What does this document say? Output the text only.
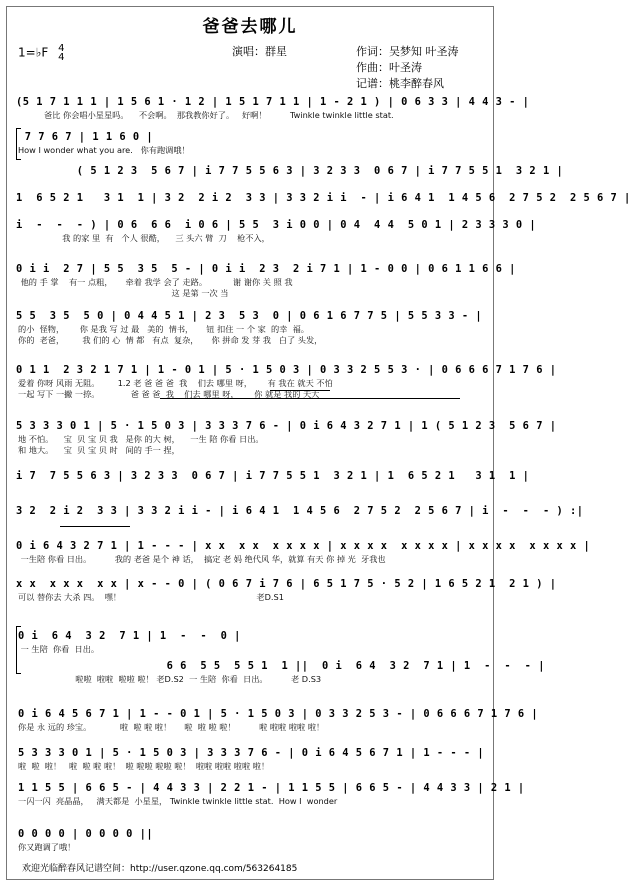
爸爸去哪儿
1=♭F 4
4	演唱：群星	作词：吴梦知 叶圣涛
作曲：叶圣涛
记谱：桃李醉春风
(5 1 7 1 1 1 | 1 5 6 1 · 1 2 | 1 5 1 7 1 1 | 1 - 2 1 ) | 0 6 3 3 | 4 4 3 - |
爸比 你会唱小星星吗。    不会啊。  那我教你好了。   好啊！         Twinkle twinkle little stat.
7 7 6 7 | 1 1 6 0 |
How I wonder what you are.   你有跑调哦！
( 5 1 2 3  5 6 7 | i 7 7 5 5 6 3 | 3 2 3 3  0 6 7 | i 7 7 5 5 1  3 2 1 |
1  6 5 2 1   3 1  1 | 3 2  2 i 2  3 3 | 3 3 2 i i  - | i 6 4 1  1 4 5 6  2 7 5 2  2 5 6 7 |
i  -  -  - ) | 0 6  6 6  i 0 6 | 5 5  3 i 0 0 | 0 4  4 4  5 0 1 | 2 3 3 3 0 |
我 的家 里  有   个人 很酷，    三 头六 臂  刀    枪不入，
0 i i  2 7 | 5 5  3 5  5 - | 0 i i  2 3  2 i 7 1 | 1 - 0 0 | 0 6 1 1 6 6 |
他的 手 掌    有一 点粗，     牵着 我学 会了 走路。          谢 谢你 关 照 我
这 是第 一次 当
5 5  3 5  5 0 | 0 4 4 5 1 | 2 3  5 3  0 | 0 6 1 6 7 7 5 | 5 5 3 3 - |
的小  怪物，      你 是我 写 过 最   美的  情书，     钮 扣住 一 个 家  的幸  福。
你的  老爸，       我 们的 心  情 都   有点  复杂，     你 拼命 发 芽 我   白了 头发，
0 1 1  2 3 2 1 7 1 | 1 - 0 1 | 5 · 1 5 0 3 | 0 3 3 2 5 5 3 · | 0 6 6 6 7 1 7 6 |
爱着 你呀 风雨 无阻。       1.2 老 爸 爸 爸  我    们去 哪里 呀，      有 我在 就天 不怕
一起 写下 一撇 一捺。            爸 爸 爸  我    们去 哪里 呀，      你 就是 我的 天大
5 3 3 3 0 1 | 5 · 1 5 0 3 | 3 3 3 7 6 - | 0 i 6 4 3 2 7 1 | 1 ( 5 1 2 3  5 6 7 |
地 不怕。    宝  贝 宝 贝 我   是你 的大 树，    一生 陪 你看 日出。
和 地大。    宝  贝 宝 贝 时   间的 手一 捏，
i 7  7 5 5 6 3 | 3 2 3 3  0 6 7 | i 7 7 5 5 1  3 2 1 | 1  6 5 2 1   3 1  1 |
3 2  2 i 2  3 3 | 3 3 2 i i - | i 6 4 1  1 4 5 6  2 7 5 2  2 5 6 7 | i  -  -  - ) :|
0 i 6 4 3 2 7 1 | 1 - - - | x x  x x  x x x x | x x x x  x x x x | x x x x  x x x x |
一生陪 你看 日出。         我的 老爸 是个 神 话，  搞定 老 妈 绝代风 华，就算 有天 你 掉 光  牙我也
x x  x x x  x x | x - - 0 | ( 0 6 7 i 7 6 | 6 5 1 7 5 · 5 2 | 1 6 5 2 1  2 1 ) |
可以 替你去 大杀 四。  嘿！                                                    老D.S1
0 i  6 4  3 2  7 1 | 1  -  -  0 |
一 生陪  你看  日出。
6 6  5 5  5 5 1  1 ||  0 i  6 4  3 2  7 1 | 1  -  -  - |
啦啦  啦啦  啦啦 啦！ 老D.S2  一 生陪  你看  日出。         老 D.S3
0 i 6 4 5 6 7 1 | 1 - - 0 1 | 5 · 1 5 0 3 | 0 3 3 2 5 3 - | 0 6 6 6 7 1 7 6 |
你是 永 远的 珍宝。           啦  啦 啦 啦！     啦  啦 啦 啦！         啦 啦啦 啦啦 啦！
5 3 3 3 0 1 | 5 · 1 5 0 3 | 3 3 3 7 6 - | 0 i 6 4 5 6 7 1 | 1 - - - |
啦  啦  啦！   啦  啦 啦 啦！  啦 啦啦 啦啦 啦！  啦啦 啦啦 啦啦 啦！
1 1 5 5 | 6 6 5 - | 4 4 3 3 | 2 2 1 - | 1 1 5 5 | 6 6 5 - | 4 4 3 3 | 2 1 |
一闪一闪  亮晶晶，   满天都是  小星星， Twinkle twinkle little stat.  How I  wonder
0 0 0 0 | 0 0 0 0 ||
你又跑调了哦！
欢迎光临醉春风记谱空间：http://user.qzone.qq.com/563264185
